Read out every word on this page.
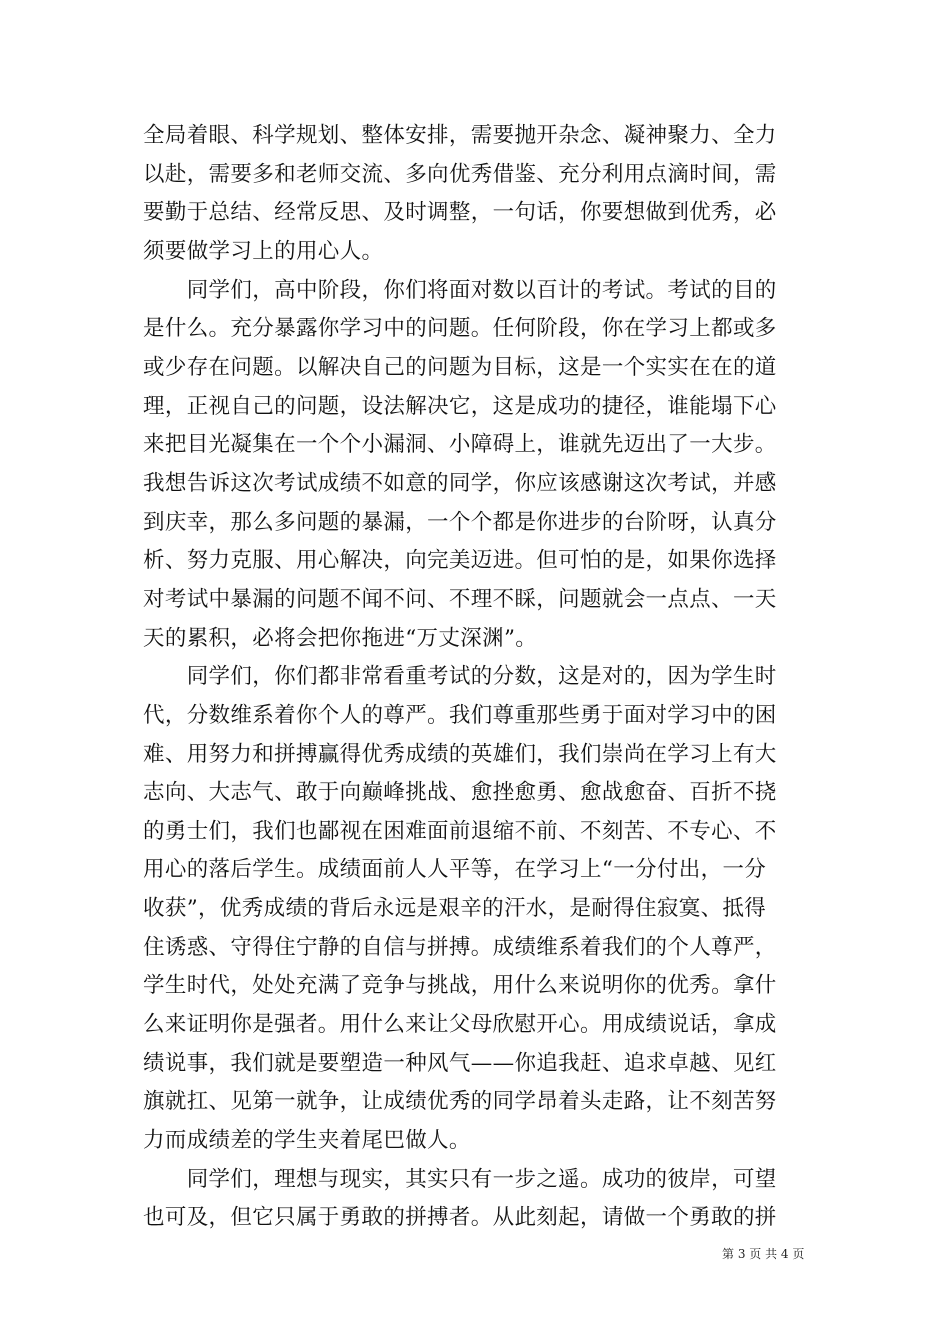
全局着眼、科学规划、整体安排，需要抛开杂念、凝神聚力、全力
以赴，需要多和老师交流、多向优秀借鉴、充分利用点滴时间，需
要勤于总结、经常反思、及时调整，一句话，你要想做到优秀，必
须要做学习上的用心人。
　　同学们，高中阶段，你们将面对数以百计的考试。考试的目的
是什么。充分暴露你学习中的问题。任何阶段，你在学习上都或多
或少存在问题。以解决自己的问题为目标，这是一个实实在在的道
理，正视自己的问题，设法解决它，这是成功的捷径，谁能塌下心
来把目光凝集在一个个小漏洞、小障碍上，谁就先迈出了一大步。
我想告诉这次考试成绩不如意的同学，你应该感谢这次考试，并感
到庆幸，那么多问题的暴漏，一个个都是你进步的台阶呀，认真分
析、努力克服、用心解决，向完美迈进。但可怕的是，如果你选择
对考试中暴漏的问题不闻不问、不理不睬，问题就会一点点、一天
天的累积，必将会把你拖进“万丈深渊”。
　　同学们，你们都非常看重考试的分数，这是对的，因为学生时
代，分数维系着你个人的尊严。我们尊重那些勇于面对学习中的困
难、用努力和拼搏赢得优秀成绩的英雄们，我们崇尚在学习上有大
志向、大志气、敢于向巅峰挑战、愈挫愈勇、愈战愈奋、百折不挠
的勇士们，我们也鄙视在困难面前退缩不前、不刻苦、不专心、不
用心的落后学生。成绩面前人人平等，在学习上“一分付出，一分
收获”，优秀成绩的背后永远是艰辛的汗水，是耐得住寂寞、抵得
住诱惑、守得住宁静的自信与拼搏。成绩维系着我们的个人尊严，
学生时代，处处充满了竞争与挑战，用什么来说明你的优秀。拿什
么来证明你是强者。用什么来让父母欣慰开心。用成绩说话，拿成
绩说事，我们就是要塑造一种风气——你追我赶、追求卓越、见红
旗就扛、见第一就争，让成绩优秀的同学昂着头走路，让不刻苦努
力而成绩差的学生夹着尾巴做人。
　　同学们，理想与现实，其实只有一步之遥。成功的彼岸，可望
也可及，但它只属于勇敢的拼搏者。从此刻起，请做一个勇敢的拼
第 3 页 共 4 页
